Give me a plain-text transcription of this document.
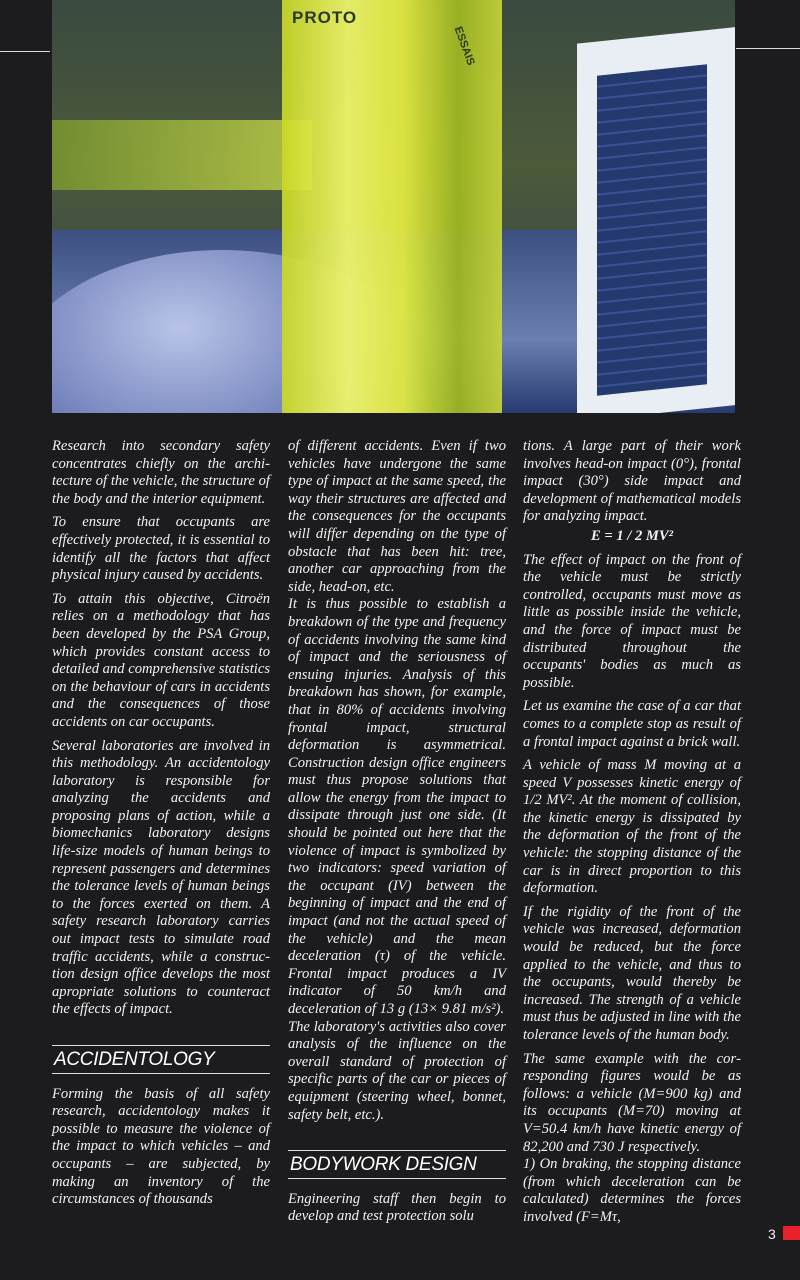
PROTO
ESSAIS

Research into secondary safety concentrates chiefly on the architecture of the vehicle, the structure of the body and the interior equipment.

To ensure that occupants are effectively protected, it is essential to identify all the factors that affect physical injury caused by accidents.

To attain this objective, Citroën relies on a methodology that has been developed by the PSA Group, which provides constant access to detailed and comprehensive statistics on the behaviour of cars in accidents and the consequences of those accidents on car occupants.

Several laboratories are involved in this methodology. An accidentology laboratory is responsible for analyzing the accidents and proposing plans of action, while a biomechanics laboratory designs life-size models of human beings to represent passengers and determines the tolerance levels of human beings to the forces exerted on them. A safety research laboratory carries out impact tests to simulate road traffic accidents, while a construction design office develops the most apropriate solutions to counteract the effects of impact.

ACCIDENTOLOGY

Forming the basis of all safety research, accidentology makes it possible to measure the violence of the impact to which vehicles – and occupants – are subjected, by making an inventory of the circumstances of thousands

of different accidents. Even if two vehicles have undergone the same type of impact at the same speed, the way their structures are affected and the consequences for the occupants will differ depending on the type of obstacle that has been hit: tree, another car approaching from the side, head-on, etc.

It is thus possible to establish a breakdown of the type and frequency of accidents involving the same kind of impact and the seriousness of ensuing injuries. Analysis of this breakdown has shown, for example, that in 80% of accidents involving frontal impact, structural deformation is asymmetrical. Construction design office engineers must thus propose solutions that allow the energy from the impact to dissipate through just one side. (It should be pointed out here that the violence of impact is symbolized by two indicators: speed variation of the occupant (IV) between the beginning of impact and the end of impact (and not the actual speed of the vehicle) and the mean deceleration (τ) of the vehicle. Frontal impact produces a IV indicator of 50 km/h and deceleration of 13 g (13× 9.81 m/s²).

The laboratory's activities also cover analysis of the influence on the overall standard of protection of specific parts of the car or pieces of equipment (steering wheel, bonnet, safety belt, etc.).

BODYWORK DESIGN

Engineering staff then begin to develop and test protection solu

tions. A large part of their work involves head-on impact (0°), frontal impact (30°) side impact and development of mathematical models for analyzing impact.

E = 1 / 2 MV²

The effect of impact on the front of the vehicle must be strictly controlled, occupants must move as little as possible inside the vehicle, and the force of impact must be distributed throughout the occupants' bodies as much as possible.

Let us examine the case of a car that comes to a complete stop as result of a frontal impact against a brick wall.

A vehicle of mass M moving at a speed V possesses kinetic energy of 1/2 MV². At the moment of collision, the kinetic energy is dissipated by the deformation of the front of the vehicle: the stopping distance of the car is in direct proportion to this deformation.

If the rigidity of the front of the vehicle was increased, deformation would be reduced, but the force applied to the vehicle, and thus to the occupants, would thereby be increased. The strength of a vehicle must thus be adjusted in line with the tolerance levels of the human body.

The same example with the corresponding figures would be as follows: a vehicle (M=900 kg) and its occupants (M=70) moving at V=50.4 km/h have kinetic energy of 82,200 and 730 J respectively.

1) On braking, the stopping distance (from which deceleration can be calculated) determines the forces involved (F=Mτ,

3
